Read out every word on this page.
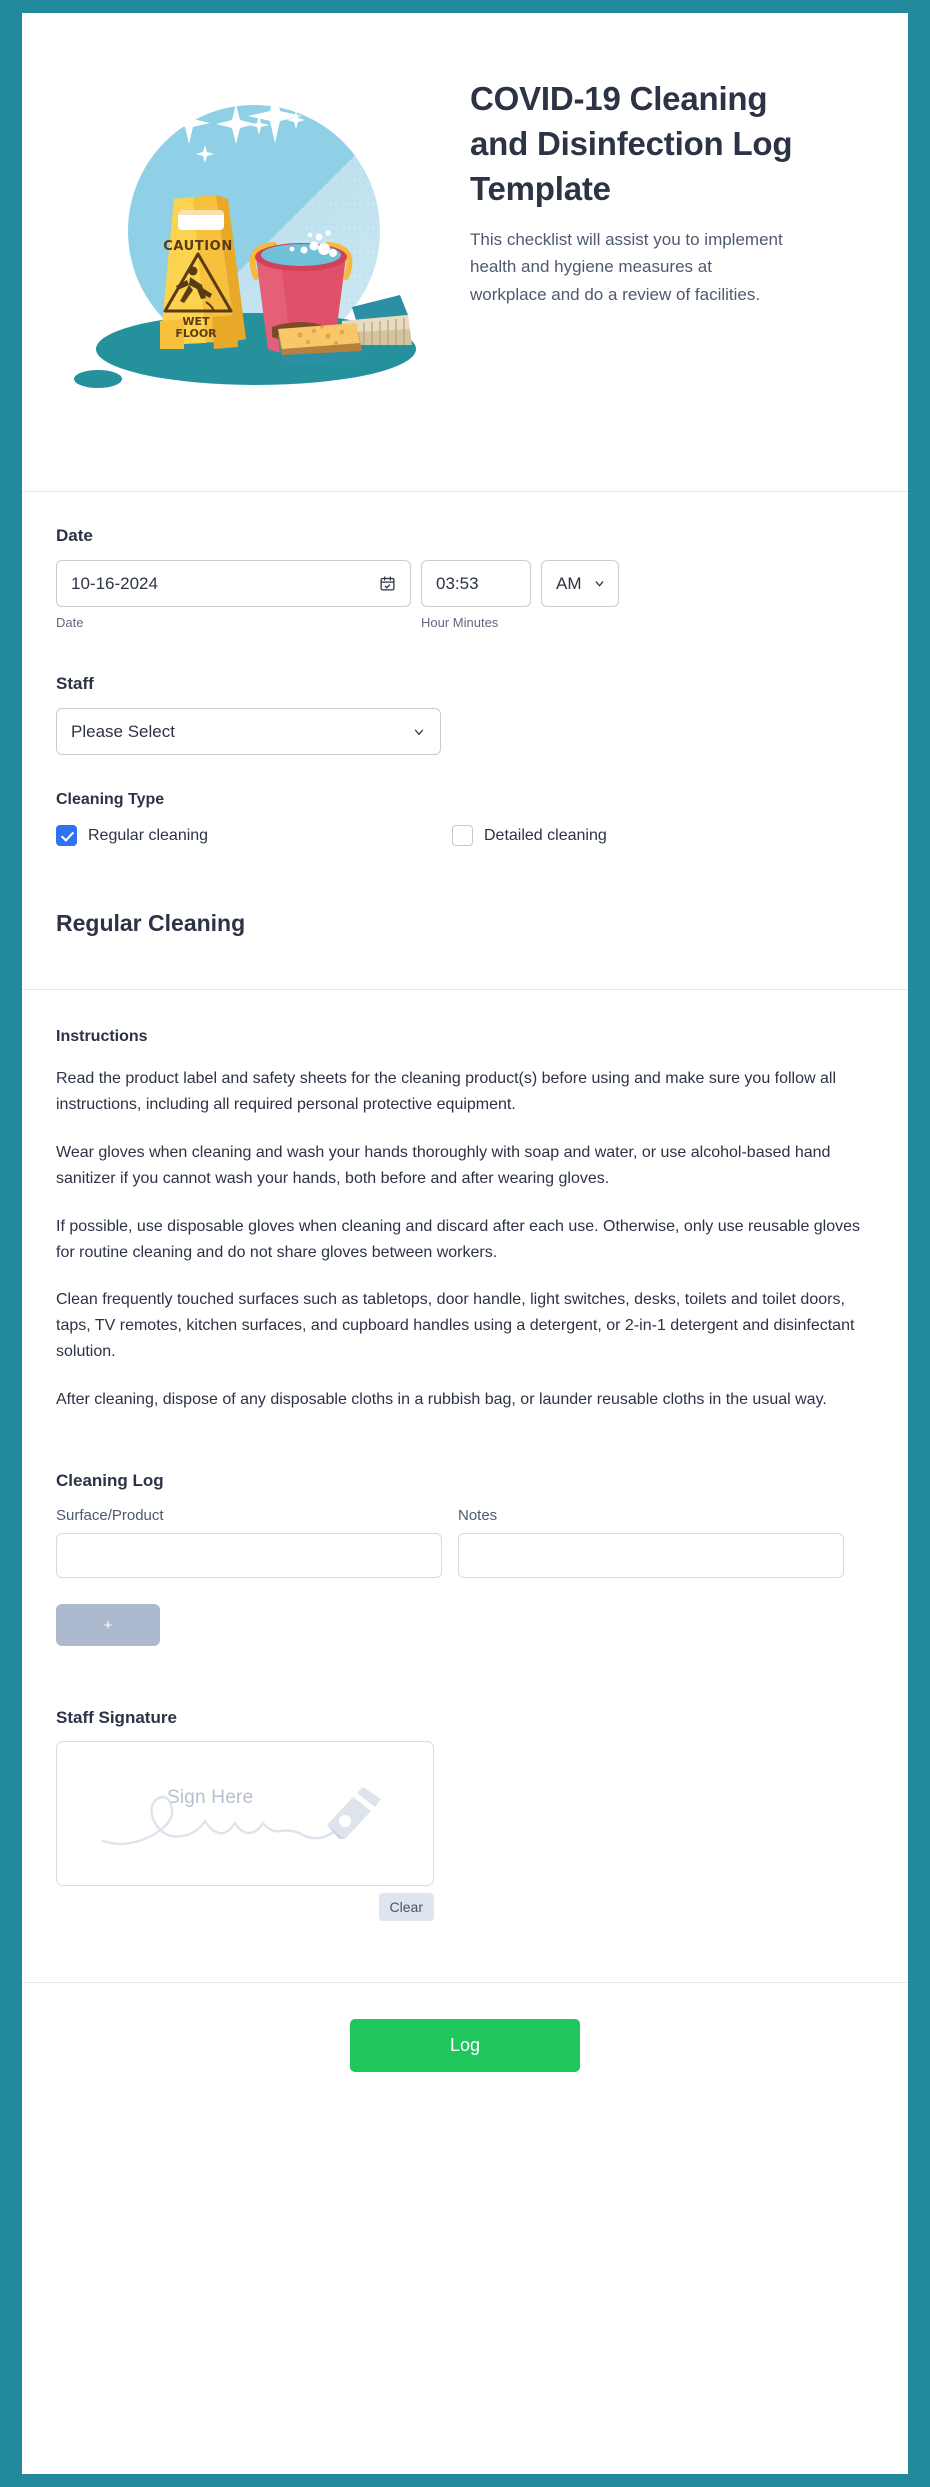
CAUTION
WET
FLOOR
COVID-19 Cleaning and Disinfection Log Template

This checklist will assist you to implement health and hygiene measures at workplace and do a review of facilities.

Date
10-16-2024
Date
03:53	AM
Hour Minutes
Staff
Please Select
Cleaning Type
Regular cleaning	Detailed cleaning
Regular Cleaning
Instructions

Read the product label and safety sheets for the cleaning product(s) before using and make sure you follow all instructions, including all required personal protective equipment.

Wear gloves when cleaning and wash your hands thoroughly with soap and water, or use alcohol-based hand sanitizer if you cannot wash your hands, both before and after wearing gloves.

If possible, use disposable gloves when cleaning and discard after each use. Otherwise, only use reusable gloves for routine cleaning and do not share gloves between workers.

Clean frequently touched surfaces such as tabletops, door handle, light switches, desks, toilets and toilet doors, taps, TV remotes, kitchen surfaces, and cupboard handles using a detergent, or 2-in-1 detergent and disinfectant solution.

After cleaning, dispose of any disposable cloths in a rubbish bag, or launder reusable cloths in the usual way.

Cleaning Log
Surface/Product	Notes
+
Staff Signature
Sign Here
Clear
Log
